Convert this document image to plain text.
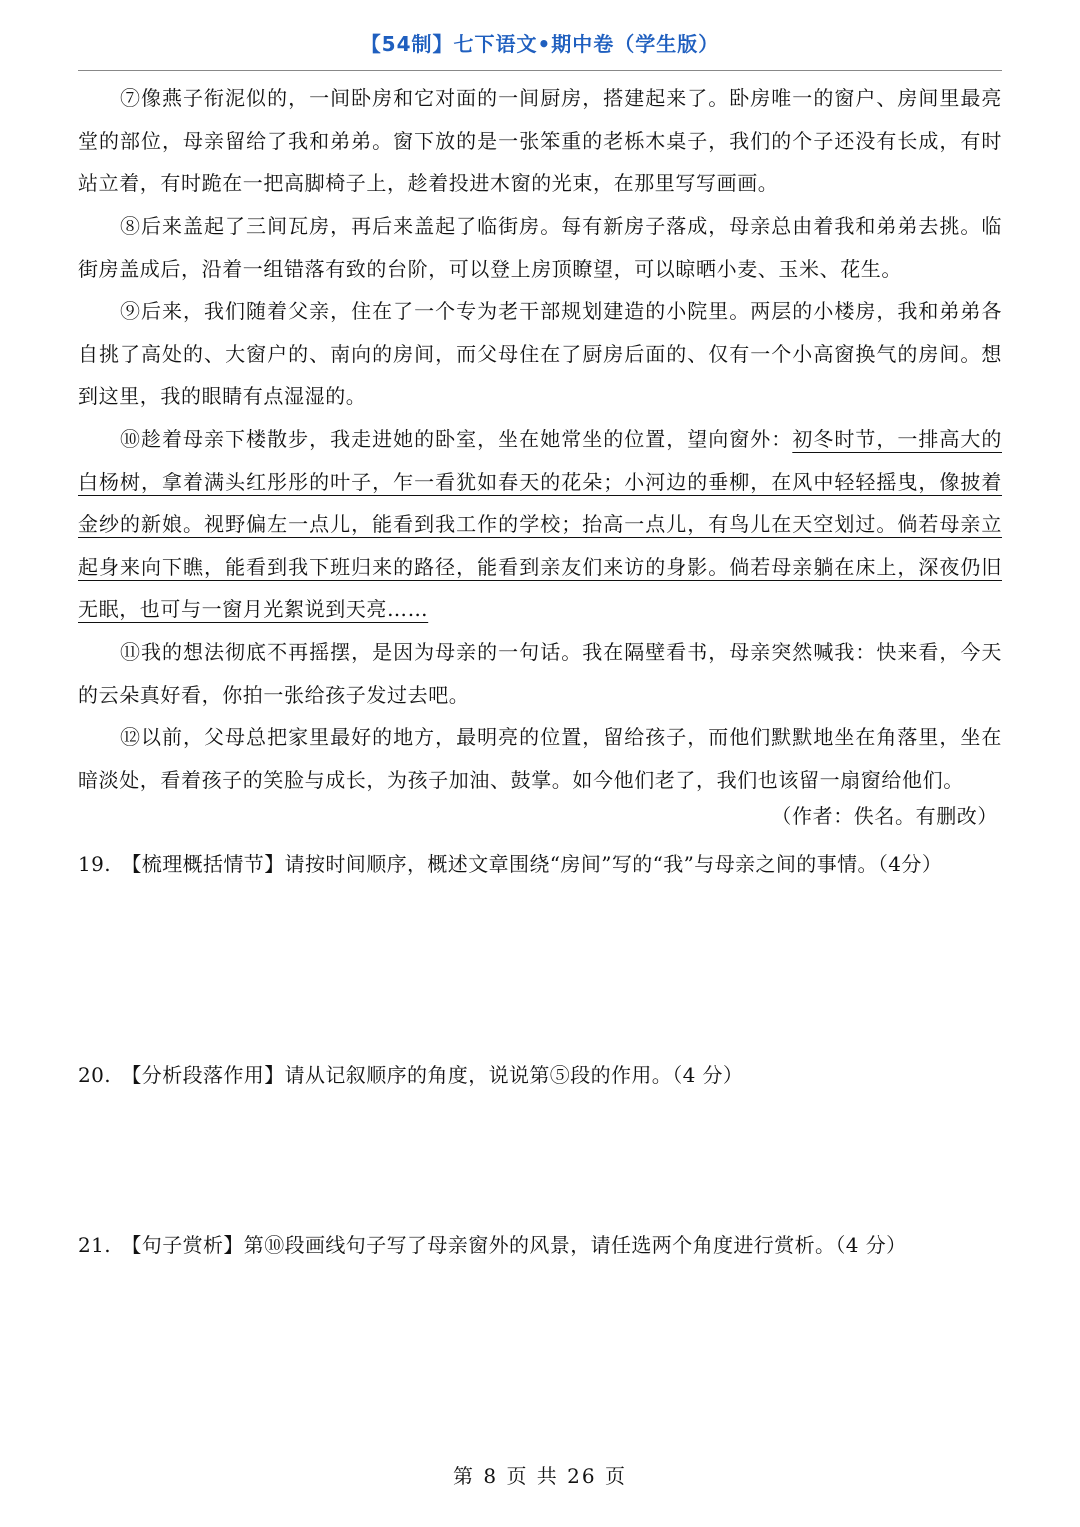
【54制】七下语文•期中卷（学生版）

⑦像燕子衔泥似的，一间卧房和它对面的一间厨房，搭建起来了。卧房唯一的窗户、房间里最亮堂的部位，母亲留给了我和弟弟。窗下放的是一张笨重的老栎木桌子，我们的个子还没有长成，有时站立着，有时跪在一把高脚椅子上，趁着投进木窗的光束，在那里写写画画。

⑧后来盖起了三间瓦房，再后来盖起了临街房。每有新房子落成，母亲总由着我和弟弟去挑。临街房盖成后，沿着一组错落有致的台阶，可以登上房顶瞭望，可以晾晒小麦、玉米、花生。

⑨后来，我们随着父亲，住在了一个专为老干部规划建造的小院里。两层的小楼房，我和弟弟各自挑了高处的、大窗户的、南向的房间，而父母住在了厨房后面的、仅有一个小高窗换气的房间。想到这里，我的眼睛有点湿湿的。

⑩趁着母亲下楼散步，我走进她的卧室，坐在她常坐的位置，望向窗外：初冬时节，一排高大的白杨树，拿着满头红彤彤的叶子，乍一看犹如春天的花朵；小河边的垂柳，在风中轻轻摇曳，像披着金纱的新娘。视野偏左一点儿，能看到我工作的学校；抬高一点儿，有鸟儿在天空划过。倘若母亲立起身来向下瞧，能看到我下班归来的路径，能看到亲友们来访的身影。倘若母亲躺在床上，深夜仍旧无眠，也可与一窗月光絮说到天亮……

⑪我的想法彻底不再摇摆，是因为母亲的一句话。我在隔壁看书，母亲突然喊我：快来看，今天的云朵真好看，你拍一张给孩子发过去吧。

⑫以前，父母总把家里最好的地方，最明亮的位置，留给孩子，而他们默默地坐在角落里，坐在暗淡处，看着孩子的笑脸与成长，为孩子加油、鼓掌。如今他们老了，我们也该留一扇窗给他们。

（作者：佚名。有删改）

19.　【梳理概括情节】请按时间顺序，概述文章围绕“房间”写的“我”与母亲之间的事情。（4分）

20.　【分析段落作用】请从记叙顺序的角度，说说第⑤段的作用。（4 分）

21.　【句子赏析】第⑩段画线句子写了母亲窗外的风景，请任选两个角度进行赏析。（4 分）

第 8 页 共 26 页
